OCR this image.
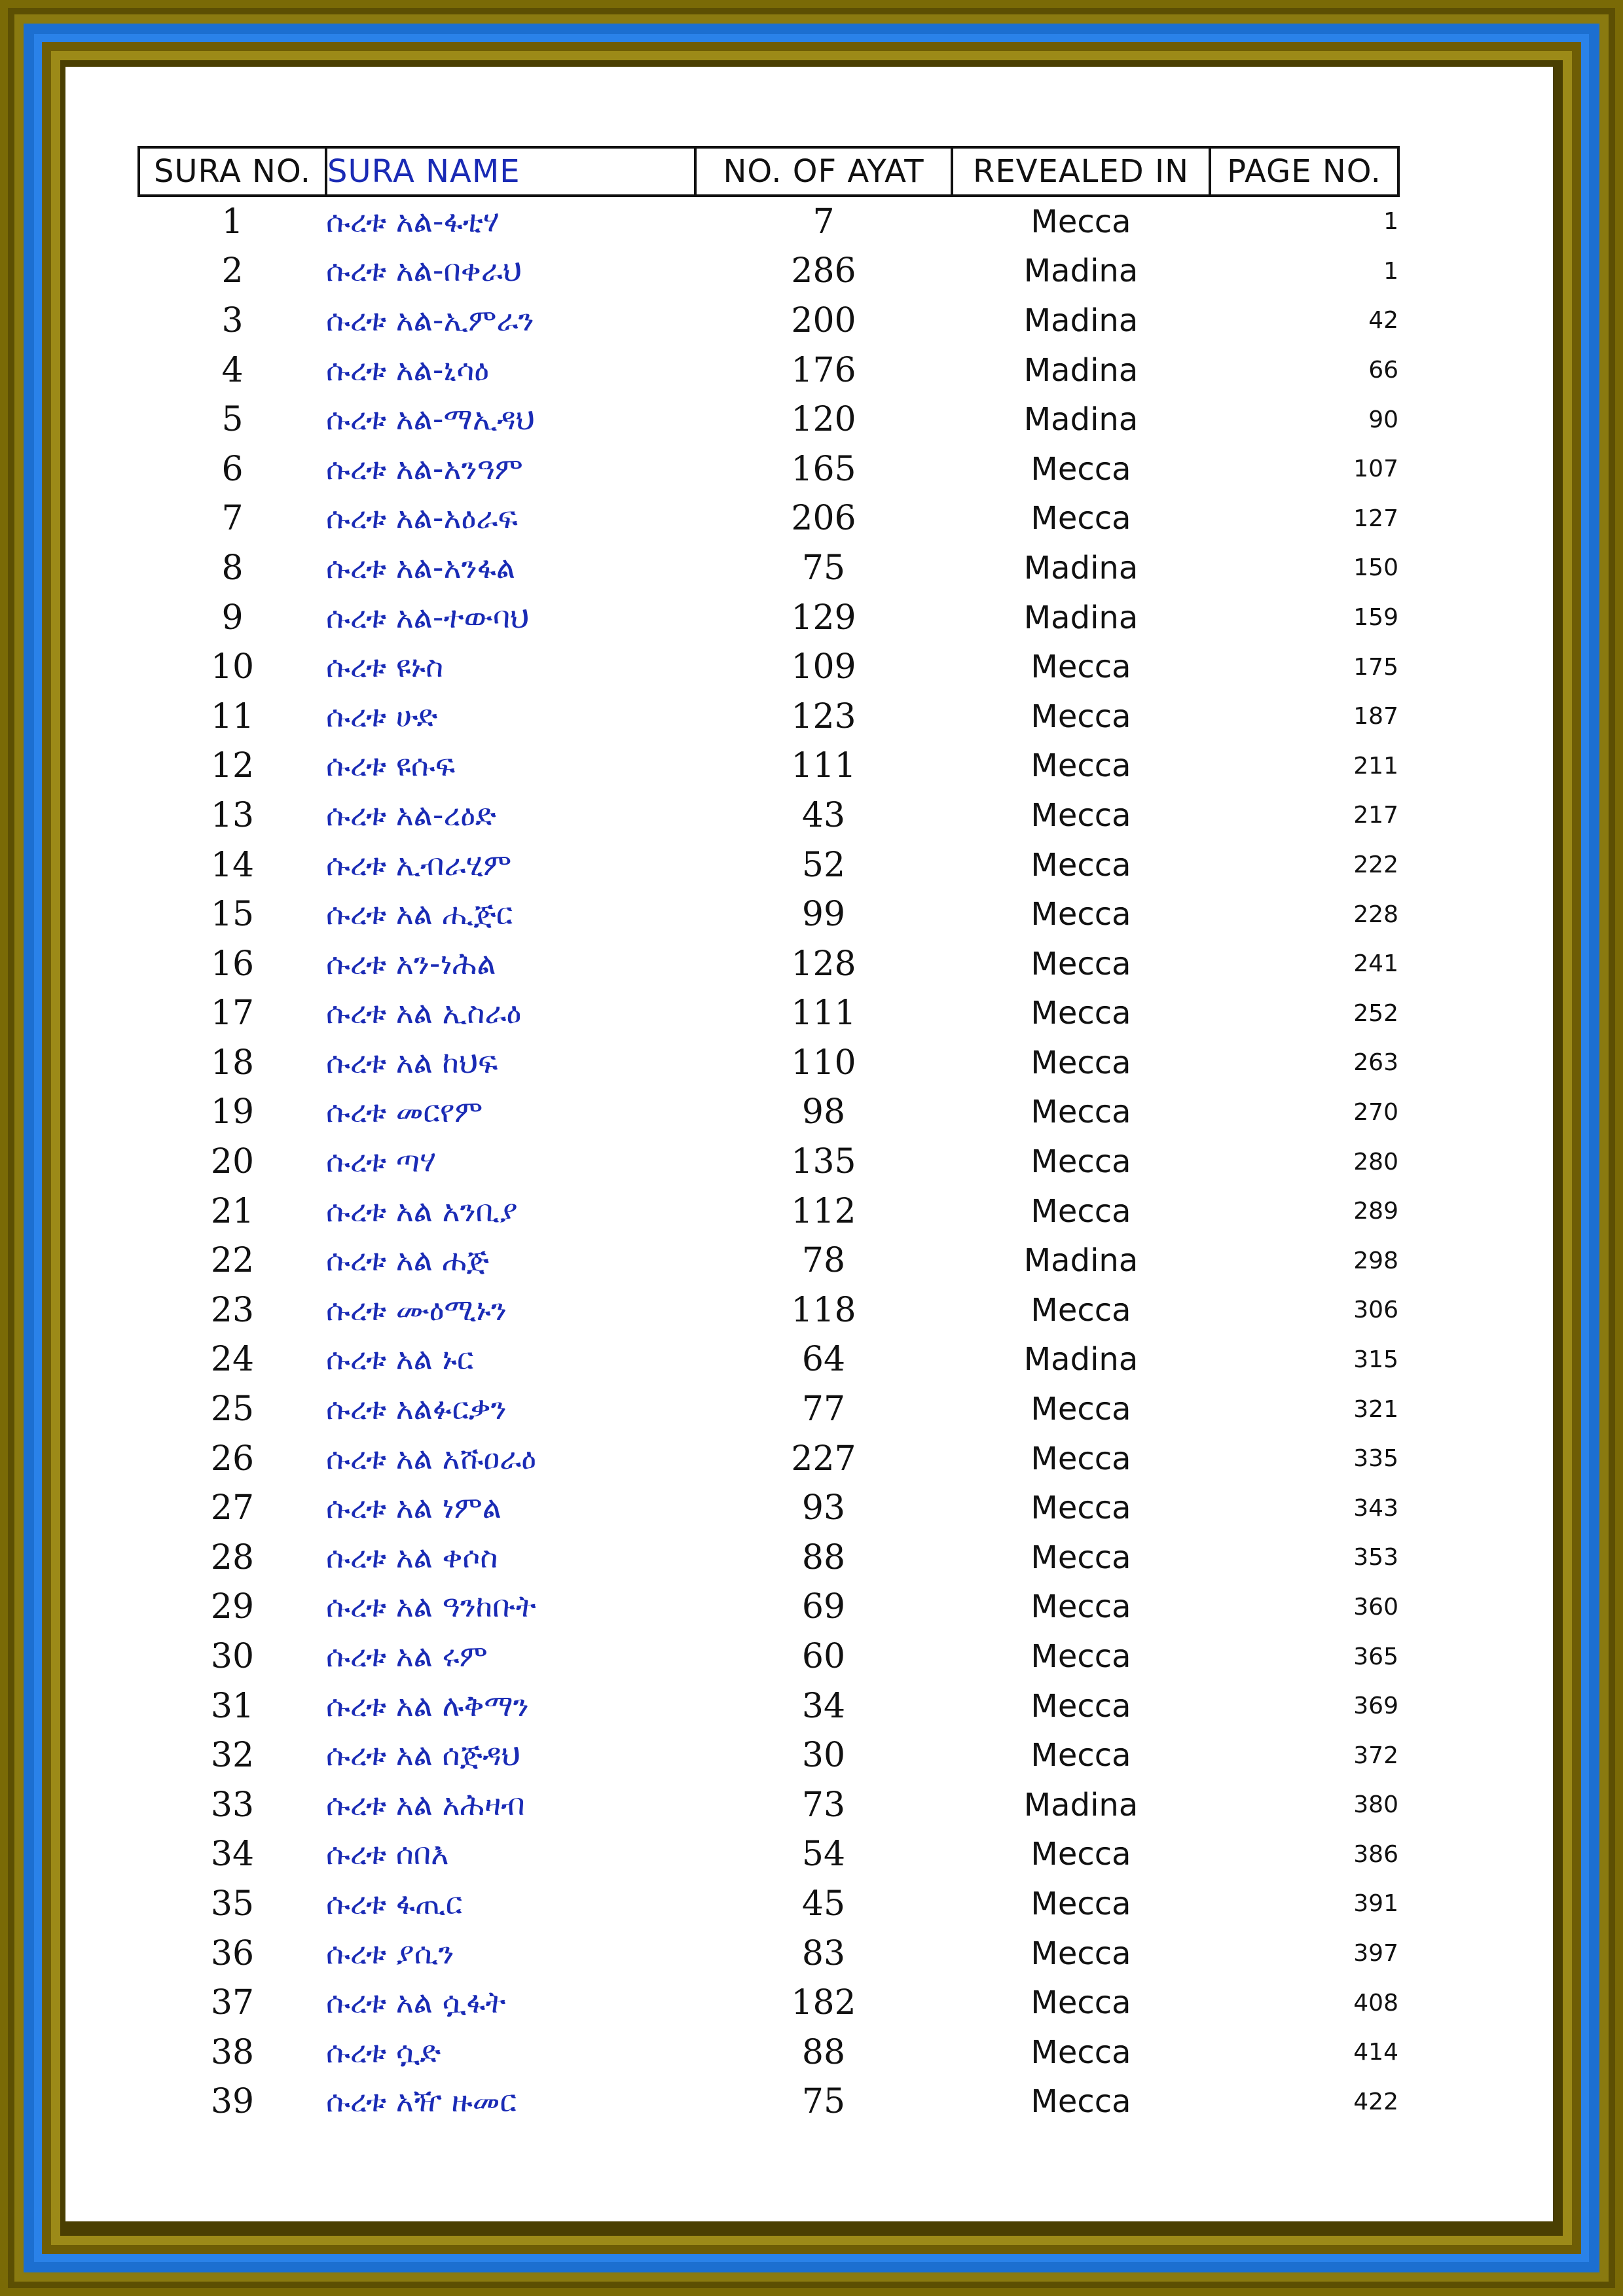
SURA NO.	SURA NAME	NO. OF AYAT	REVEALED IN	PAGE NO.
1	ሱረቱ አል-ፋቲሃ	7	Mecca	1
2	ሱረቱ አል-በቀራህ	286	Madina	1
3	ሱረቱ አል-ኢምራን	200	Madina	42
4	ሱረቱ አል-ኒሳዕ	176	Madina	66
5	ሱረቱ አል-ማኢዳህ	120	Madina	90
6	ሱረቱ አል-አንዓም	165	Mecca	107
7	ሱረቱ አል-አዕራፍ	206	Mecca	127
8	ሱረቱ አል-አንፋል	75	Madina	150
9	ሱረቱ አል-ተውባህ	129	Madina	159
10	ሱረቱ ዩኑስ	109	Mecca	175
11	ሱረቱ ሁድ	123	Mecca	187
12	ሱረቱ ዩሱፍ	111	Mecca	211
13	ሱረቱ አል-ረዕድ	43	Mecca	217
14	ሱረቱ ኢብራሂም	52	Mecca	222
15	ሱረቱ አል ሒጅር	99	Mecca	228
16	ሱረቱ አን-ነሕል	128	Mecca	241
17	ሱረቱ አል ኢስራዕ	111	Mecca	252
18	ሱረቱ አል ከህፍ	110	Mecca	263
19	ሱረቱ መርየም	98	Mecca	270
20	ሱረቱ ጣሃ	135	Mecca	280
21	ሱረቱ አል አንቢያ	112	Mecca	289
22	ሱረቱ አል ሐጅ	78	Madina	298
23	ሱረቱ ሙዕሚኑን	118	Mecca	306
24	ሱረቱ አል ኑር	64	Madina	315
25	ሱረቱ አልፉርቃን	77	Mecca	321
26	ሱረቱ አል አሹዐራዕ	227	Mecca	335
27	ሱረቱ አል ነምል	93	Mecca	343
28	ሱረቱ አል ቀሶስ	88	Mecca	353
29	ሱረቱ አል ዓንከቡት	69	Mecca	360
30	ሱረቱ አል ሩም	60	Mecca	365
31	ሱረቱ አል ሉቅማን	34	Mecca	369
32	ሱረቱ አል ሰጅዳህ	30	Mecca	372
33	ሱረቱ አል አሕዛብ	73	Madina	380
34	ሱረቱ ሰበእ	54	Mecca	386
35	ሱረቱ ፋጢር	45	Mecca	391
36	ሱረቱ ያሲን	83	Mecca	397
37	ሱረቱ አል ሷፋት	182	Mecca	408
38	ሱረቱ ሷድ	88	Mecca	414
39	ሱረቱ አዥ ዙመር	75	Mecca	422
